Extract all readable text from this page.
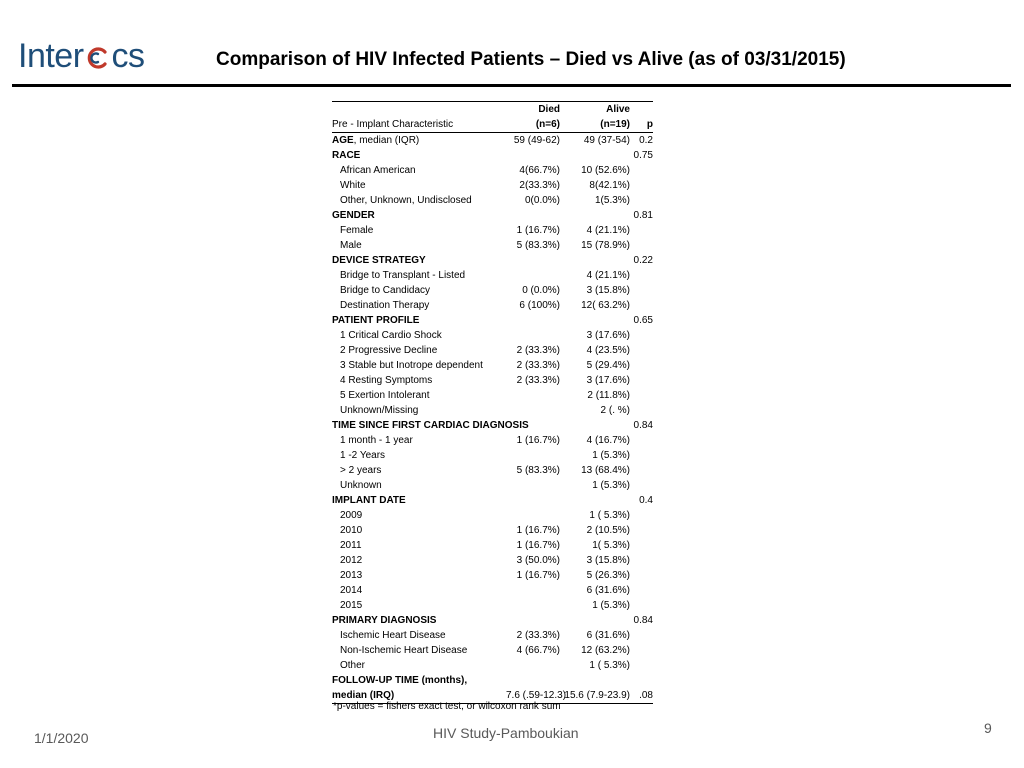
Inter cs	Comparison of HIV Infected Patients – Died vs Alive (as of 03/31/2015)
	Died	Alive	
Pre - Implant Characteristic	(n=6)	(n=19)	p
AGE, median (IQR)	59 (49-62)	49 (37-54)	0.2
RACE			0.75
African American	4(66.7%)	10 (52.6%)	
White	2(33.3%)	8(42.1%)	
Other, Unknown, Undisclosed	0(0.0%)	1(5.3%)	
GENDER			0.81
Female	1 (16.7%)	4 (21.1%)	
Male	5 (83.3%)	15 (78.9%)	
DEVICE STRATEGY			0.22
Bridge to Transplant - Listed		4 (21.1%)	
Bridge to Candidacy	0 (0.0%)	3 (15.8%)	
Destination Therapy	6 (100%)	12( 63.2%)	
PATIENT PROFILE			0.65
1 Critical Cardio Shock		3 (17.6%)	
2 Progressive Decline	2 (33.3%)	4 (23.5%)	
3 Stable but Inotrope dependent	2 (33.3%)	5 (29.4%)	
4 Resting Symptoms	2 (33.3%)	3 (17.6%)	
5 Exertion Intolerant		2 (11.8%)	
Unknown/Missing		2 (. %)	
TIME SINCE FIRST CARDIAC DIAGNOSIS			0.84
1 month - 1 year	1 (16.7%)	4 (16.7%)	
1 -2 Years		1 (5.3%)	
> 2 years	5 (83.3%)	13 (68.4%)	
Unknown		1 (5.3%)	
IMPLANT DATE			0.4
2009		1 ( 5.3%)	
2010	1 (16.7%)	2 (10.5%)	
2011	1 (16.7%)	1( 5.3%)	
2012	3 (50.0%)	3 (15.8%)	
2013	1 (16.7%)	5 (26.3%)	
2014		6 (31.6%)	
2015		1 (5.3%)	
PRIMARY DIAGNOSIS			0.84
Ischemic Heart Disease	2 (33.3%)	6 (31.6%)	
Non-Ischemic Heart Disease	4 (66.7%)	12 (63.2%)	
Other		1 ( 5.3%)	
FOLLOW-UP TIME (months),			
median (IRQ)	7.6 (.59-12.3)	15.6 (7.9-23.9)	.08
*p-values = fishers exact test, or wilcoxon rank sum
1/1/2020	HIV Study-Pamboukian	9
